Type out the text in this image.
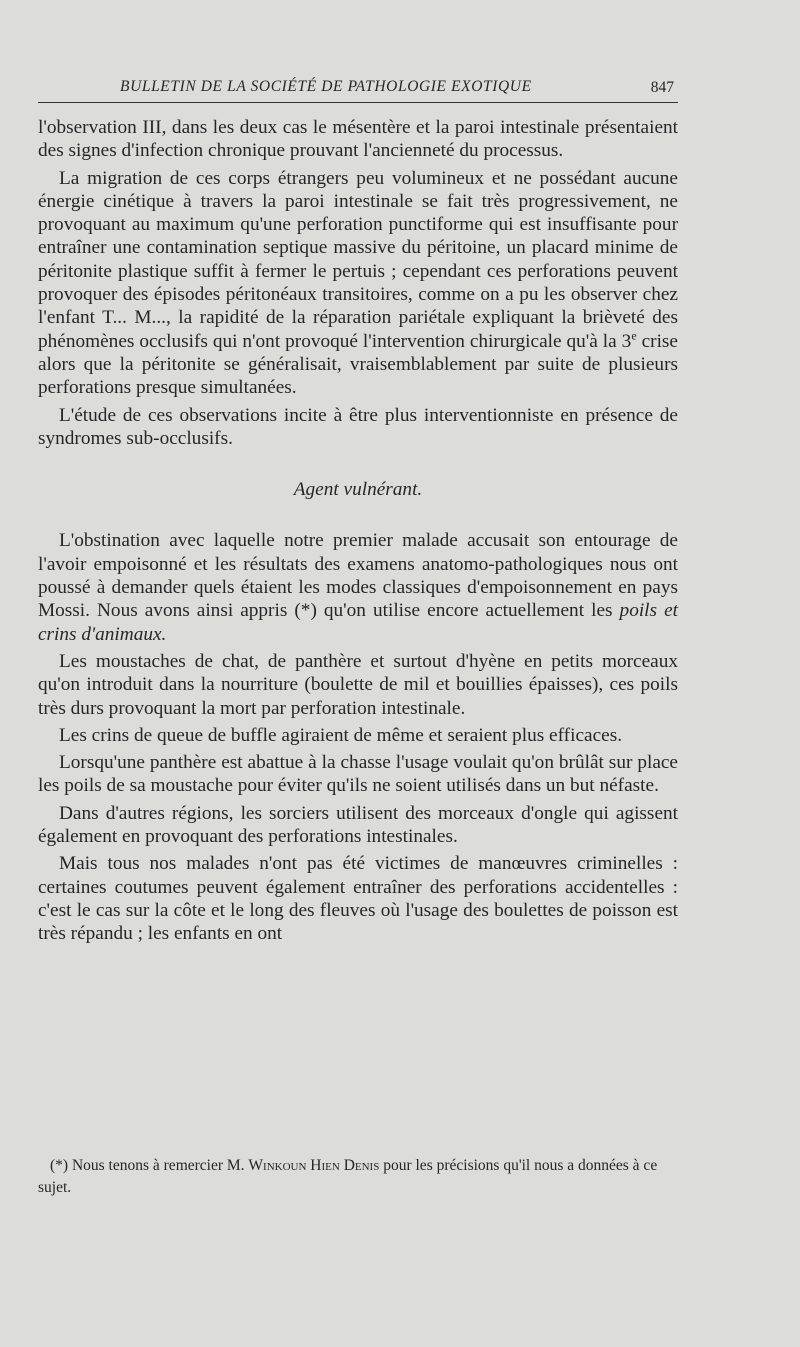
BULLETIN DE LA SOCIÉTÉ DE PATHOLOGIE EXOTIQUE	847

l'observation III, dans les deux cas le mésentère et la paroi intestinale présentaient des signes d'infection chronique prouvant l'ancienneté du processus.

La migration de ces corps étrangers peu volumineux et ne possédant aucune énergie cinétique à travers la paroi intestinale se fait très progressivement, ne provoquant au maximum qu'une perforation punctiforme qui est insuffisante pour entraîner une contamination septique massive du péritoine, un placard minime de péritonite plastique suffit à fermer le pertuis ; cependant ces perforations peuvent provoquer des épisodes péritonéaux transitoires, comme on a pu les observer chez l'enfant T... M..., la rapidité de la réparation pariétale expliquant la brièveté des phénomènes occlusifs qui n'ont provoqué l'intervention chirurgicale qu'à la 3e crise alors que la péritonite se généralisait, vraisemblablement par suite de plusieurs perforations presque simultanées.

L'étude de ces observations incite à être plus interventionniste en présence de syndromes sub-occlusifs.

Agent vulnérant.

L'obstination avec laquelle notre premier malade accusait son entourage de l'avoir empoisonné et les résultats des examens anatomo-pathologiques nous ont poussé à demander quels étaient les modes classiques d'empoisonnement en pays Mossi. Nous avons ainsi appris (*) qu'on utilise encore actuellement les poils et crins d'animaux.

Les moustaches de chat, de panthère et surtout d'hyène en petits morceaux qu'on introduit dans la nourriture (boulette de mil et bouillies épaisses), ces poils très durs provoquant la mort par perforation intestinale.

Les crins de queue de buffle agiraient de même et seraient plus efficaces.

Lorsqu'une panthère est abattue à la chasse l'usage voulait qu'on brûlât sur place les poils de sa moustache pour éviter qu'ils ne soient utilisés dans un but néfaste.

Dans d'autres régions, les sorciers utilisent des morceaux d'ongle qui agissent également en provoquant des perforations intestinales.

Mais tous nos malades n'ont pas été victimes de manœuvres criminelles : certaines coutumes peuvent également entraîner des perforations accidentelles : c'est le cas sur la côte et le long des fleuves où l'usage des boulettes de poisson est très répandu ; les enfants en ont

(*) Nous tenons à remercier M. Winkoun Hien Denis pour les précisions qu'il nous a données à ce sujet.
